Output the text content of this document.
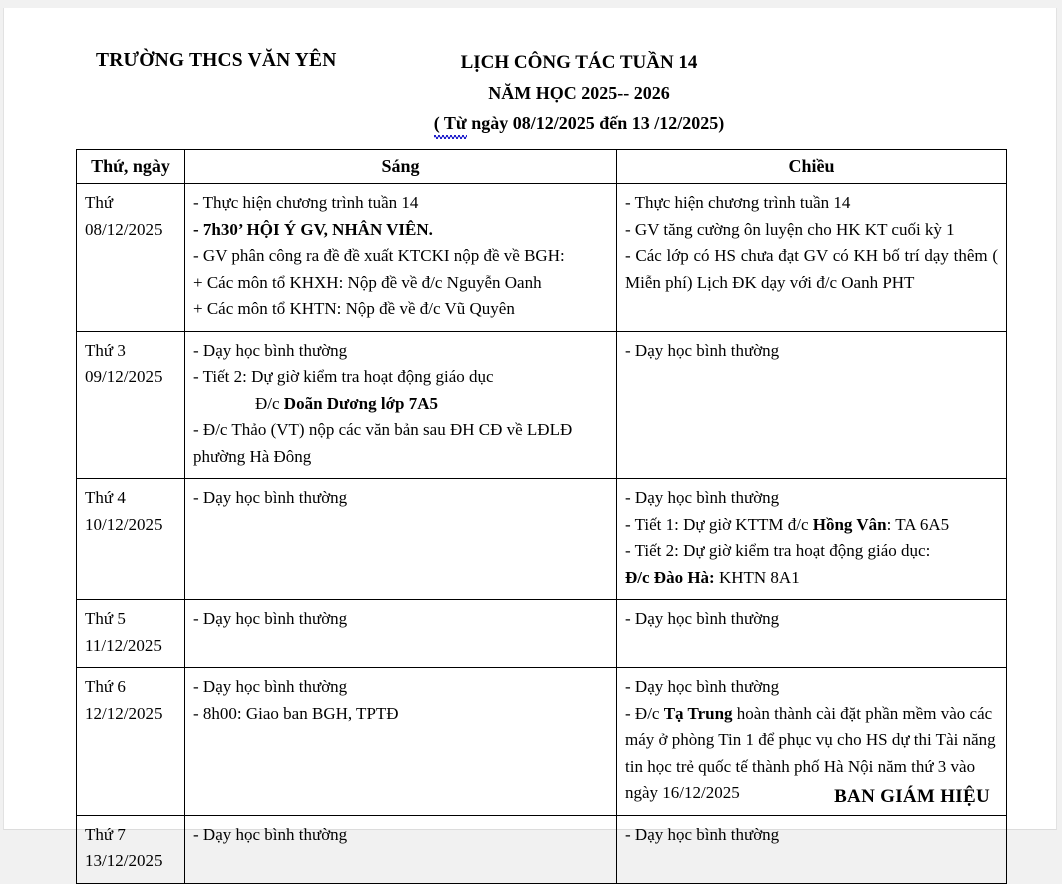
TRƯỜNG THCS VĂN YÊN	LỊCH CÔNG TÁC TUẦN 14
NĂM HỌC 2025-- 2026
( Từ ngày 08/12/2025 đến 13 /12/2025)
Thứ, ngày	Sáng	Chiều

Thứ
08/12/2025	- Thực hiện chương trình tuần 14
- 7h30’ HỘI Ý GV, NHÂN VIÊN.
- GV phân công ra đề đề xuất KTCKI nộp đề về BGH:
+ Các môn tổ KHXH: Nộp đề về đ/c Nguyễn Oanh
+ Các môn tổ KHTN: Nộp đề về đ/c Vũ Quyên	- Thực hiện chương trình tuần 14
- GV tăng cường ôn luyện cho HK KT cuối kỳ 1
- Các lớp có HS chưa đạt GV có KH bố trí dạy thêm ( Miễn phí) Lịch ĐK dạy với đ/c Oanh PHT

Thứ 3
09/12/2025	- Dạy học bình thường
- Tiết 2: Dự giờ kiểm tra hoạt động giáo dục
Đ/c Doãn Dương lớp 7A5
- Đ/c Thảo (VT) nộp các văn bản sau ĐH CĐ về LĐLĐ phường Hà Đông	- Dạy học bình thường

Thứ 4
10/12/2025	- Dạy học bình thường	- Dạy học bình thường
- Tiết 1: Dự giờ KTTM đ/c Hồng Vân: TA 6A5
- Tiết 2: Dự giờ kiểm tra hoạt động giáo dục:
Đ/c Đào Hà: KHTN 8A1

Thứ 5
11/12/2025	- Dạy học bình thường	- Dạy học bình thường

Thứ 6
12/12/2025	- Dạy học bình thường
- 8h00: Giao ban BGH, TPTĐ	- Dạy học bình thường
- Đ/c Tạ Trung hoàn thành cài đặt phần mềm vào các máy ở phòng Tin 1 để phục vụ cho HS dự thi Tài năng tin học trẻ quốc tế thành phố Hà Nội năm thứ 3 vào ngày 16/12/2025

Thứ 7
13/12/2025	- Dạy học bình thường	- Dạy học bình thường
BAN GIÁM HIỆU
